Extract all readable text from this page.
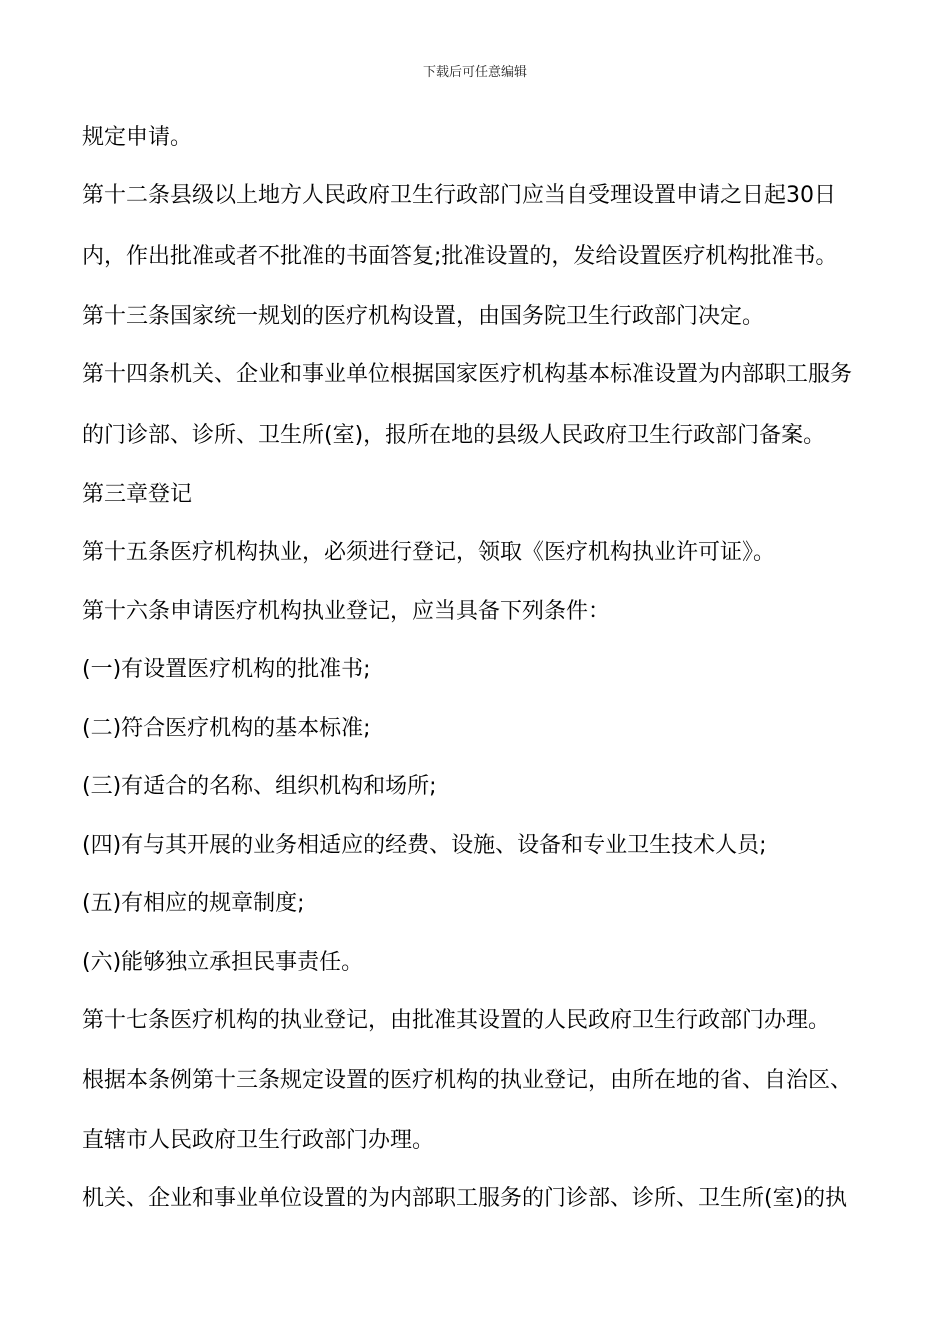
下载后可任意编辑
规定申请。
第十二条县级以上地方人民政府卫生行政部门应当自受理设置申请之日起30日
内，作出批准或者不批准的书面答复;批准设置的，发给设置医疗机构批准书。
第十三条国家统一规划的医疗机构设置，由国务院卫生行政部门决定。
第十四条机关、企业和事业单位根据国家医疗机构基本标准设置为内部职工服务
的门诊部、诊所、卫生所(室)，报所在地的县级人民政府卫生行政部门备案。
第三章登记
第十五条医疗机构执业，必须进行登记，领取《医疗机构执业许可证》。
第十六条申请医疗机构执业登记，应当具备下列条件：
(一)有设置医疗机构的批准书;
(二)符合医疗机构的基本标准;
(三)有适合的名称、组织机构和场所;
(四)有与其开展的业务相适应的经费、设施、设备和专业卫生技术人员;
(五)有相应的规章制度;
(六)能够独立承担民事责任。
第十七条医疗机构的执业登记，由批准其设置的人民政府卫生行政部门办理。
根据本条例第十三条规定设置的医疗机构的执业登记，由所在地的省、自治区、
直辖市人民政府卫生行政部门办理。
机关、企业和事业单位设置的为内部职工服务的门诊部、诊所、卫生所(室)的执
